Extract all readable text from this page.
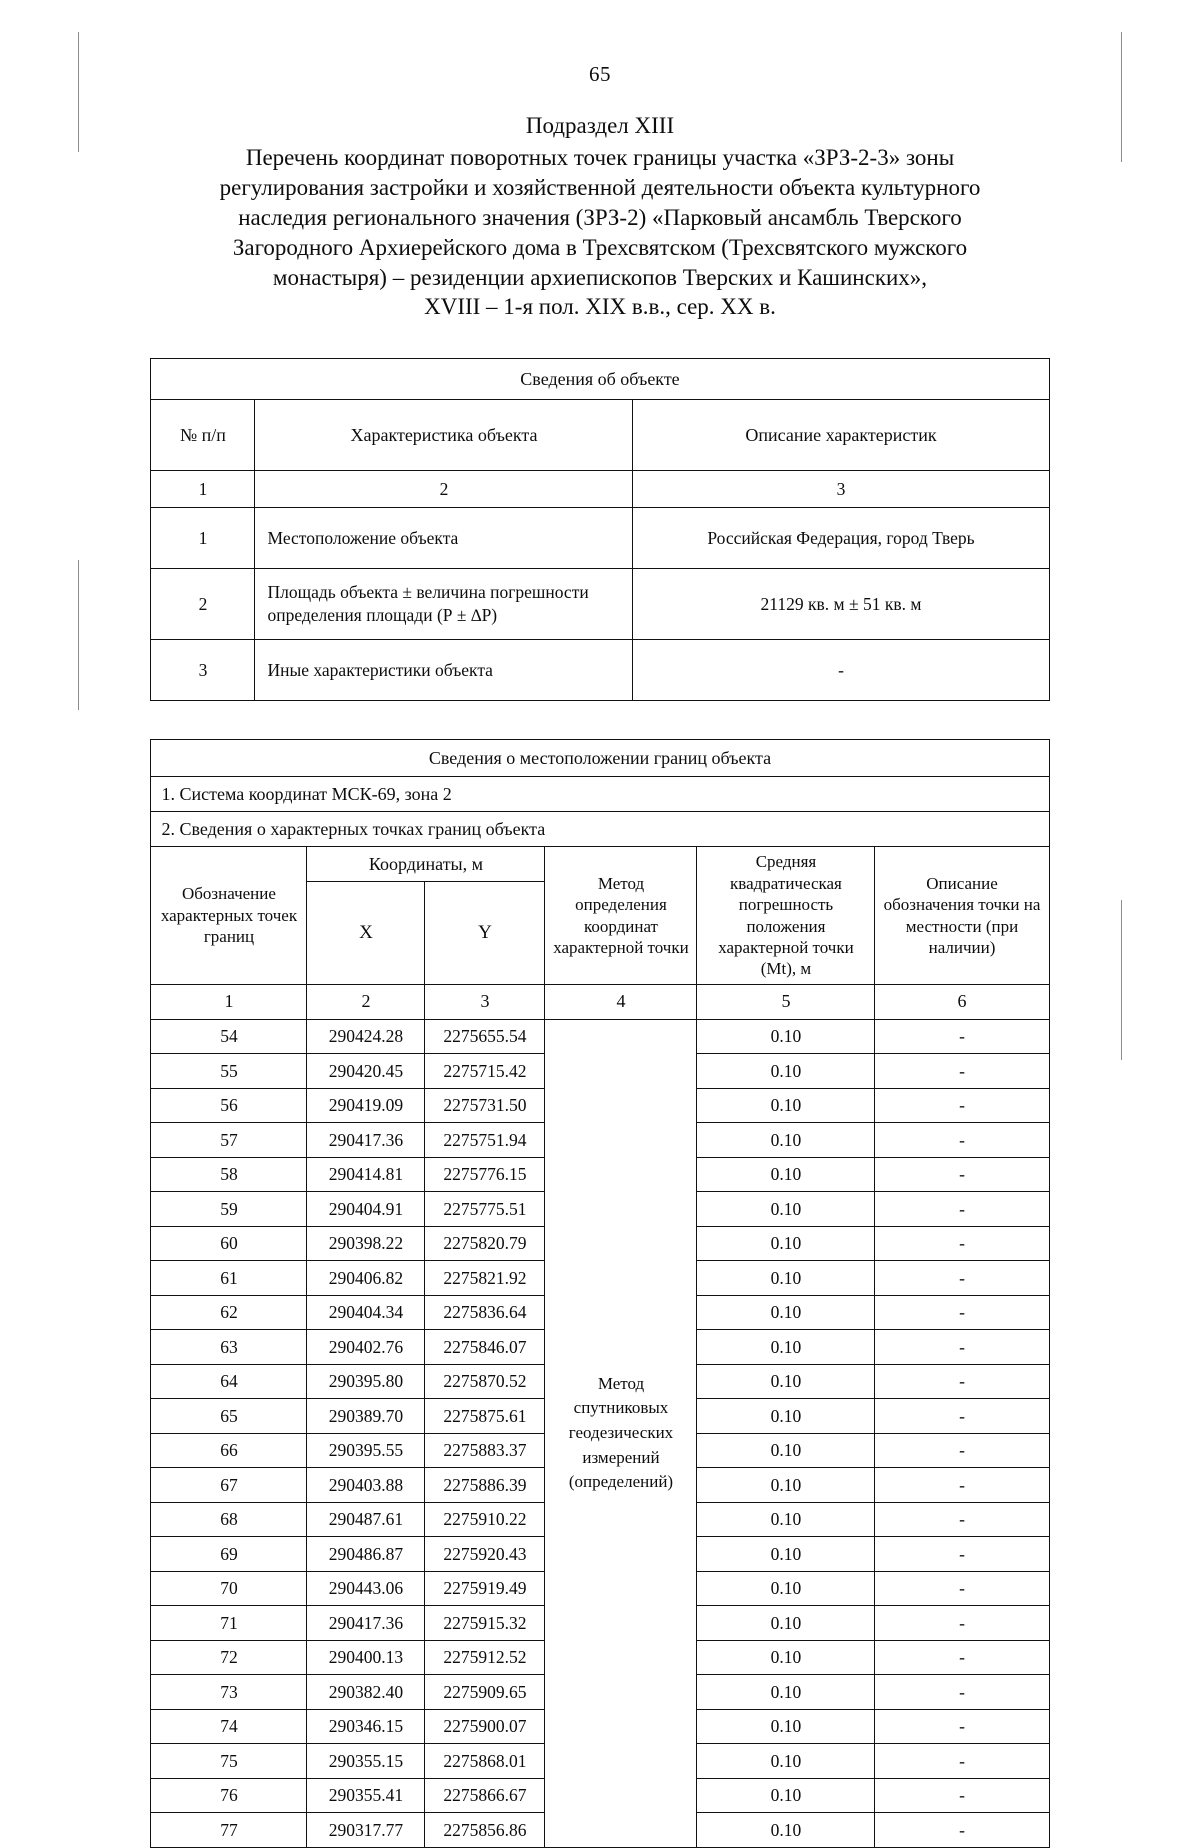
65
Подраздел XIII
Перечень координат поворотных точек границы участка «ЗРЗ-2-3» зоны
регулирования застройки и хозяйственной деятельности объекта культурного
наследия регионального значения (ЗРЗ-2) «Парковый ансамбль Тверского
Загородного Архиерейского дома в Трехсвятском (Трехсвятского мужского
монастыря) – резиденции архиепископов Тверских и Кашинских»,
XVIII – 1-я пол. XIX в.в., сер. XX в.
Сведения об объекте		
№ п/п	Характеристика объекта	Описание характеристик
1	2	3
1	Местоположение объекта	Российская Федерация, город Тверь
2	Площадь объекта ± величина погрешности
определения площади (Р ± ∆Р)	21129 кв. м ± 51 кв. м
3	Иные характеристики объекта	-
Сведения о местоположении границ объекта					
1. Система координат МСК-69, зона 2					
2. Сведения о характерных точках границ объекта					
Обозначение характерных точек границ	Координаты, м		Метод определения координат характерной точки	Средняя квадратическая погрешность положения характерной точки (Мt), м	Описание обозначения точки на местности (при наличии)
	X	Y			
1	2	3	4	5	6
54	290424.28	2275655.54	Метод
спутниковых
геодезических
измерений
(определений)	0.10	-
55	290420.45	2275715.42		0.10	-
56	290419.09	2275731.50		0.10	-
57	290417.36	2275751.94		0.10	-
58	290414.81	2275776.15		0.10	-
59	290404.91	2275775.51		0.10	-
60	290398.22	2275820.79		0.10	-
61	290406.82	2275821.92		0.10	-
62	290404.34	2275836.64		0.10	-
63	290402.76	2275846.07		0.10	-
64	290395.80	2275870.52		0.10	-
65	290389.70	2275875.61		0.10	-
66	290395.55	2275883.37		0.10	-
67	290403.88	2275886.39		0.10	-
68	290487.61	2275910.22		0.10	-
69	290486.87	2275920.43		0.10	-
70	290443.06	2275919.49		0.10	-
71	290417.36	2275915.32		0.10	-
72	290400.13	2275912.52		0.10	-
73	290382.40	2275909.65		0.10	-
74	290346.15	2275900.07		0.10	-
75	290355.15	2275868.01		0.10	-
76	290355.41	2275866.67		0.10	-
77	290317.77	2275856.86		0.10	-
